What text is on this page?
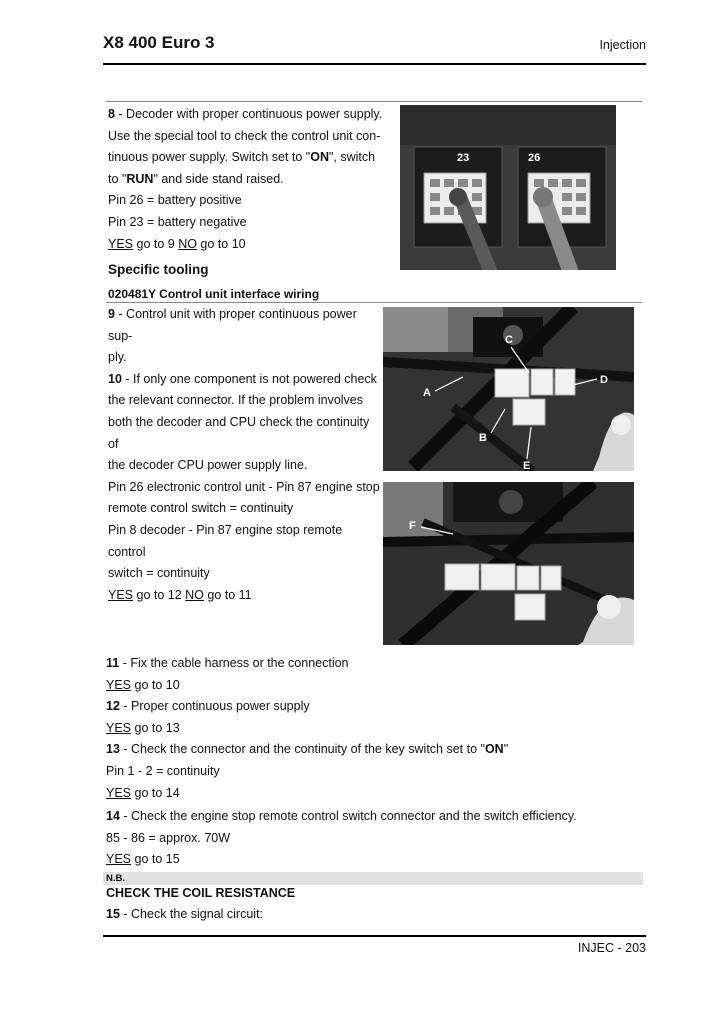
X8 400 Euro 3	Injection

8 - Decoder with proper continuous power supply.

Use the special tool to check the control unit con-

tinuous power supply. Switch set to "ON", switch

to "RUN" and side stand raised.

Pin 26 = battery positive

Pin 23 = battery negative

YES go to 9 NO go to 10

23	26
Specific tooling
020481Y Control unit interface wiring

9 - Control unit with proper continuous power sup-

ply.

10 - If only one component is not powered check

the relevant connector. If the problem involves

both the decoder and CPU check the continuity of

the decoder CPU power supply line.

Pin 26 electronic control unit - Pin 87 engine stop

remote control switch = continuity

Pin 8 decoder - Pin 87 engine stop remote control

switch = continuity

YES go to 12 NO go to 11

A
B
C
D
E
F

11 - Fix the cable harness or the connection

YES go to 10

12 - Proper continuous power supply

YES go to 13

13 - Check the connector and the continuity of the key switch set to "ON"

Pin 1 - 2 = continuity

YES go to 14

14 - Check the engine stop remote control switch connector and the switch efficiency.

85 - 86 = approx. 70W

YES go to 15

N.B.
CHECK THE COIL RESISTANCE

15 - Check the signal circuit:

INJEC - 203
